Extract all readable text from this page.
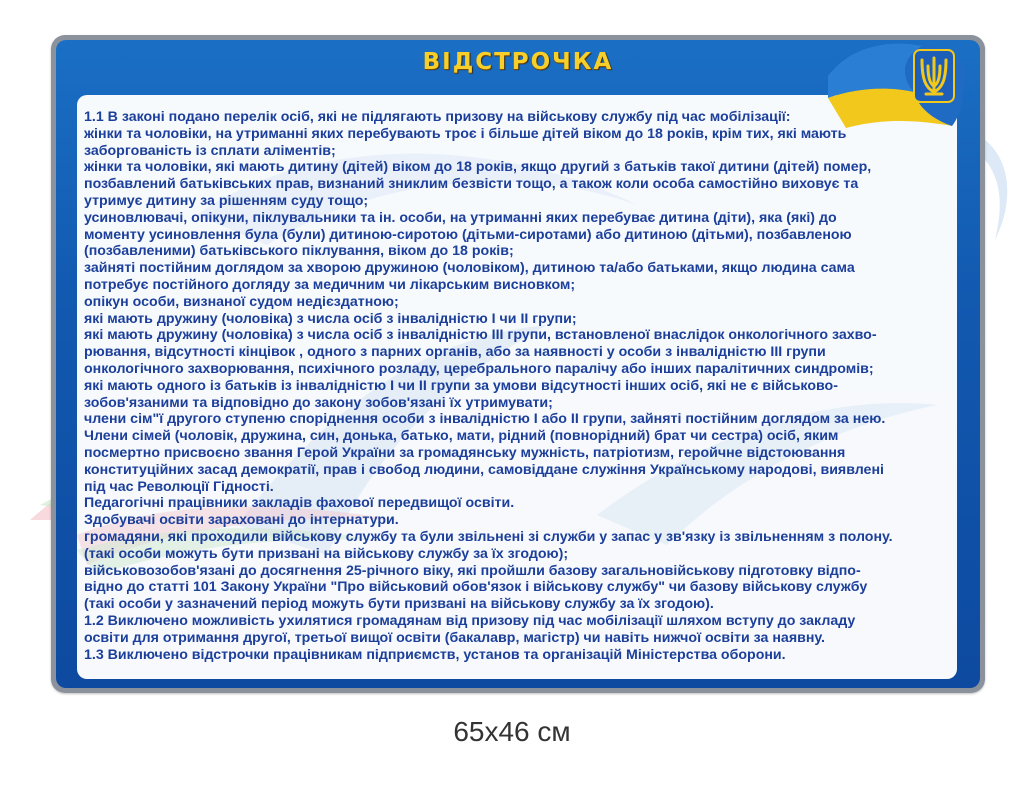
ВІДСТРОЧКА
1.1 В законі подано перелік осіб, які не підлягають призову на військову службу під час мобілізації:
жінки та чоловіки, на утриманні яких перебувають троє і більше дітей віком до 18 років, крім тих, які мають
заборгованість із сплати аліментів;
жінки та чоловіки, які мають дитину (дітей) віком до 18 років, якщо другий з батьків такої дитини (дітей) помер,
позбавлений батьківських прав, визнаний зниклим безвісти тощо, а також коли особа самостійно виховує та
утримує дитину за рішенням суду тощо;
усиновлювачі, опікуни, піклувальники та ін. особи, на утриманні яких перебуває дитина (діти), яка (які) до
моменту усиновлення була (були) дитиною-сиротою (дітьми-сиротами) або дитиною (дітьми), позбавленою
(позбавленими) батьківського піклування, віком до 18 років;
зайняті постійним доглядом за хворою дружиною (чоловіком), дитиною та/або батьками, якщо людина сама
потребує постійного догляду за медичним чи лікарським висновком;
опікун особи, визнаної судом недієздатною;
які мають дружину (чоловіка) з числа осіб з інвалідністю І чи ІІ групи;
які мають дружину (чоловіка) з числа осіб з інвалідністю ІІІ групи, встановленої внаслідок онкологічного захво-
рювання, відсутності кінцівок , одного з парних органів, або за наявності у особи з інвалідністю ІІІ групи
онкологічного захворювання, психічного розладу, церебрального паралічу або інших паралітичних синдромів;
які мають одного із батьків із інвалідністю І чи ІІ групи за умови відсутності інших осіб, які не є військово-
зобов'язаними та відповідно до закону зобов'язані їх утримувати;
члени сім"ї другого ступеню споріднення особи з інвалідністю І або ІІ групи, зайняті постійним доглядом за нею.
Члени сімей (чоловік, дружина, син, донька, батько, мати, рідний (повнорідний) брат чи сестра) осіб, яким
посмертно присвоєно звання Герой України за громадянську мужність, патріотизм, геройчне відстоювання
конституційних засад демократії, прав і свобод людини, самовіддане служіння Українському народові, виявлені
під час Революції Гідності.
Педагогічні працівники закладів фахової передвищої освіти.
Здобувачі освіти зараховані до інтернатури.
громадяни, які проходили військову службу та були звільнені зі служби у запас у зв'язку із звільненням з полону.
(такі особи можуть бути призвані на військову службу за їх згодою);
військовозобов'язані до досягнення 25-річного віку, які пройшли базову загальновійськову підготовку відпо-
відно до статті 101 Закону України "Про військовий обов'язок і військову службу" чи базову військову службу
(такі особи у зазначений період можуть бути призвані на військову службу за їх згодою).
1.2 Виключено можливість ухилятися громадянам від призову під час мобілізації шляхом вступу до закладу
освіти для отримання другої, третьої вищої освіти (бакалавр, магістр) чи навіть нижчої освіти за наявну.
1.3 Виключено відстрочки працівникам підприємств, установ та організацій Міністерства оборони.
65х46 см
